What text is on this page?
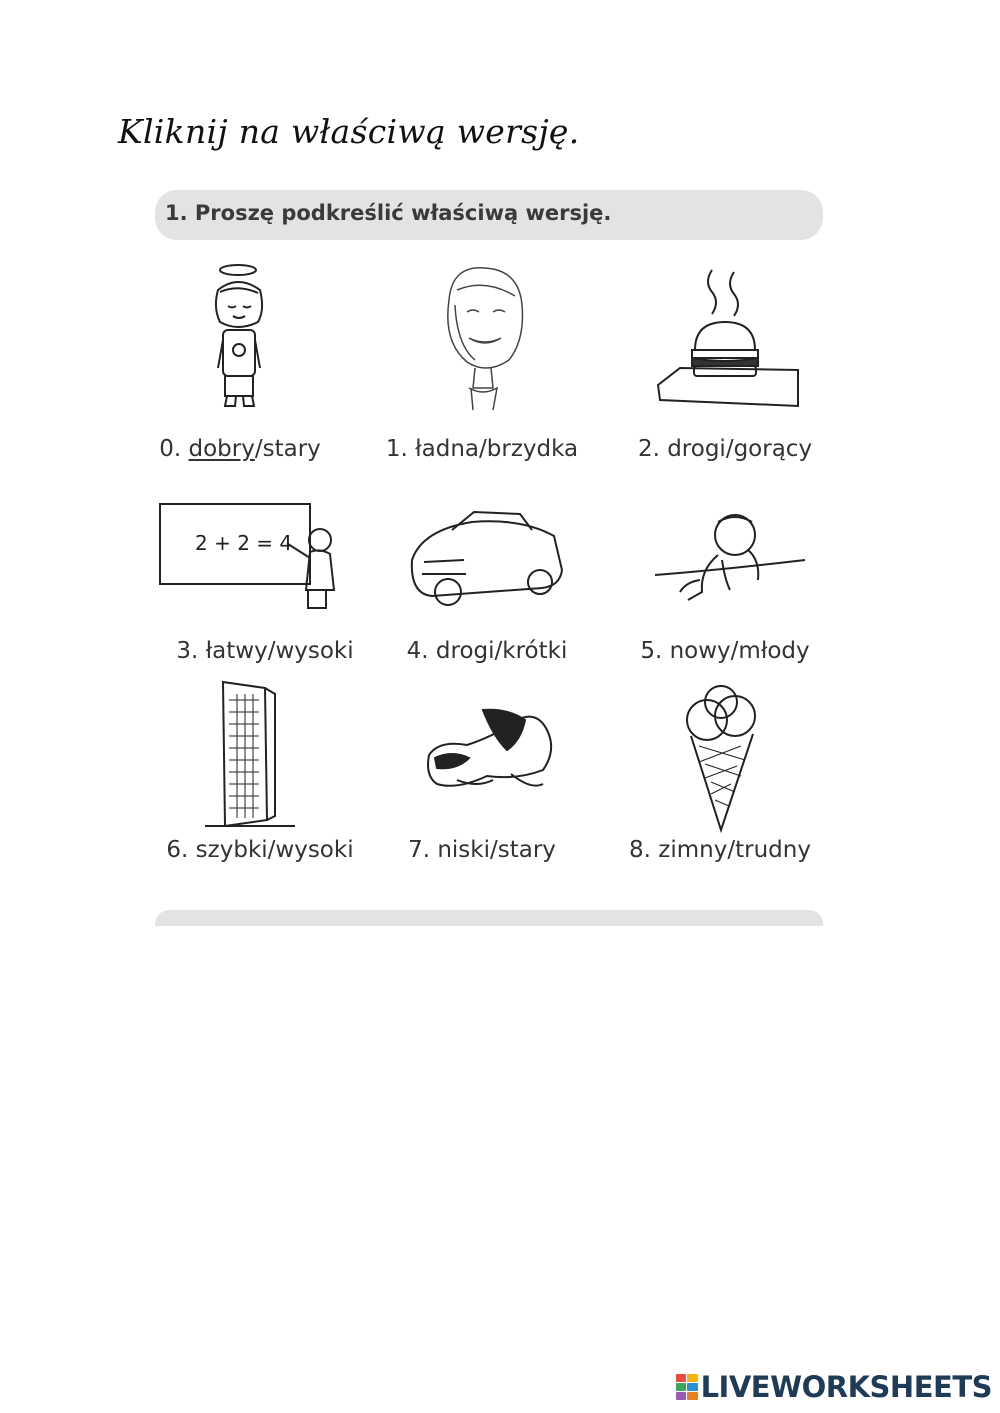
Kliknij na właściwą wersję.
1. Proszę podkreślić właściwą wersję.
0. dobry/stary	1. ładna/brzydka	2. drogi/gorący
2 + 2 = 4
3. łatwy/wysoki	4. drogi/krótki	5. nowy/młody
6. szybki/wysoki	7. niski/stary	8. zimny/trudny
LIVEWORKSHEETS
